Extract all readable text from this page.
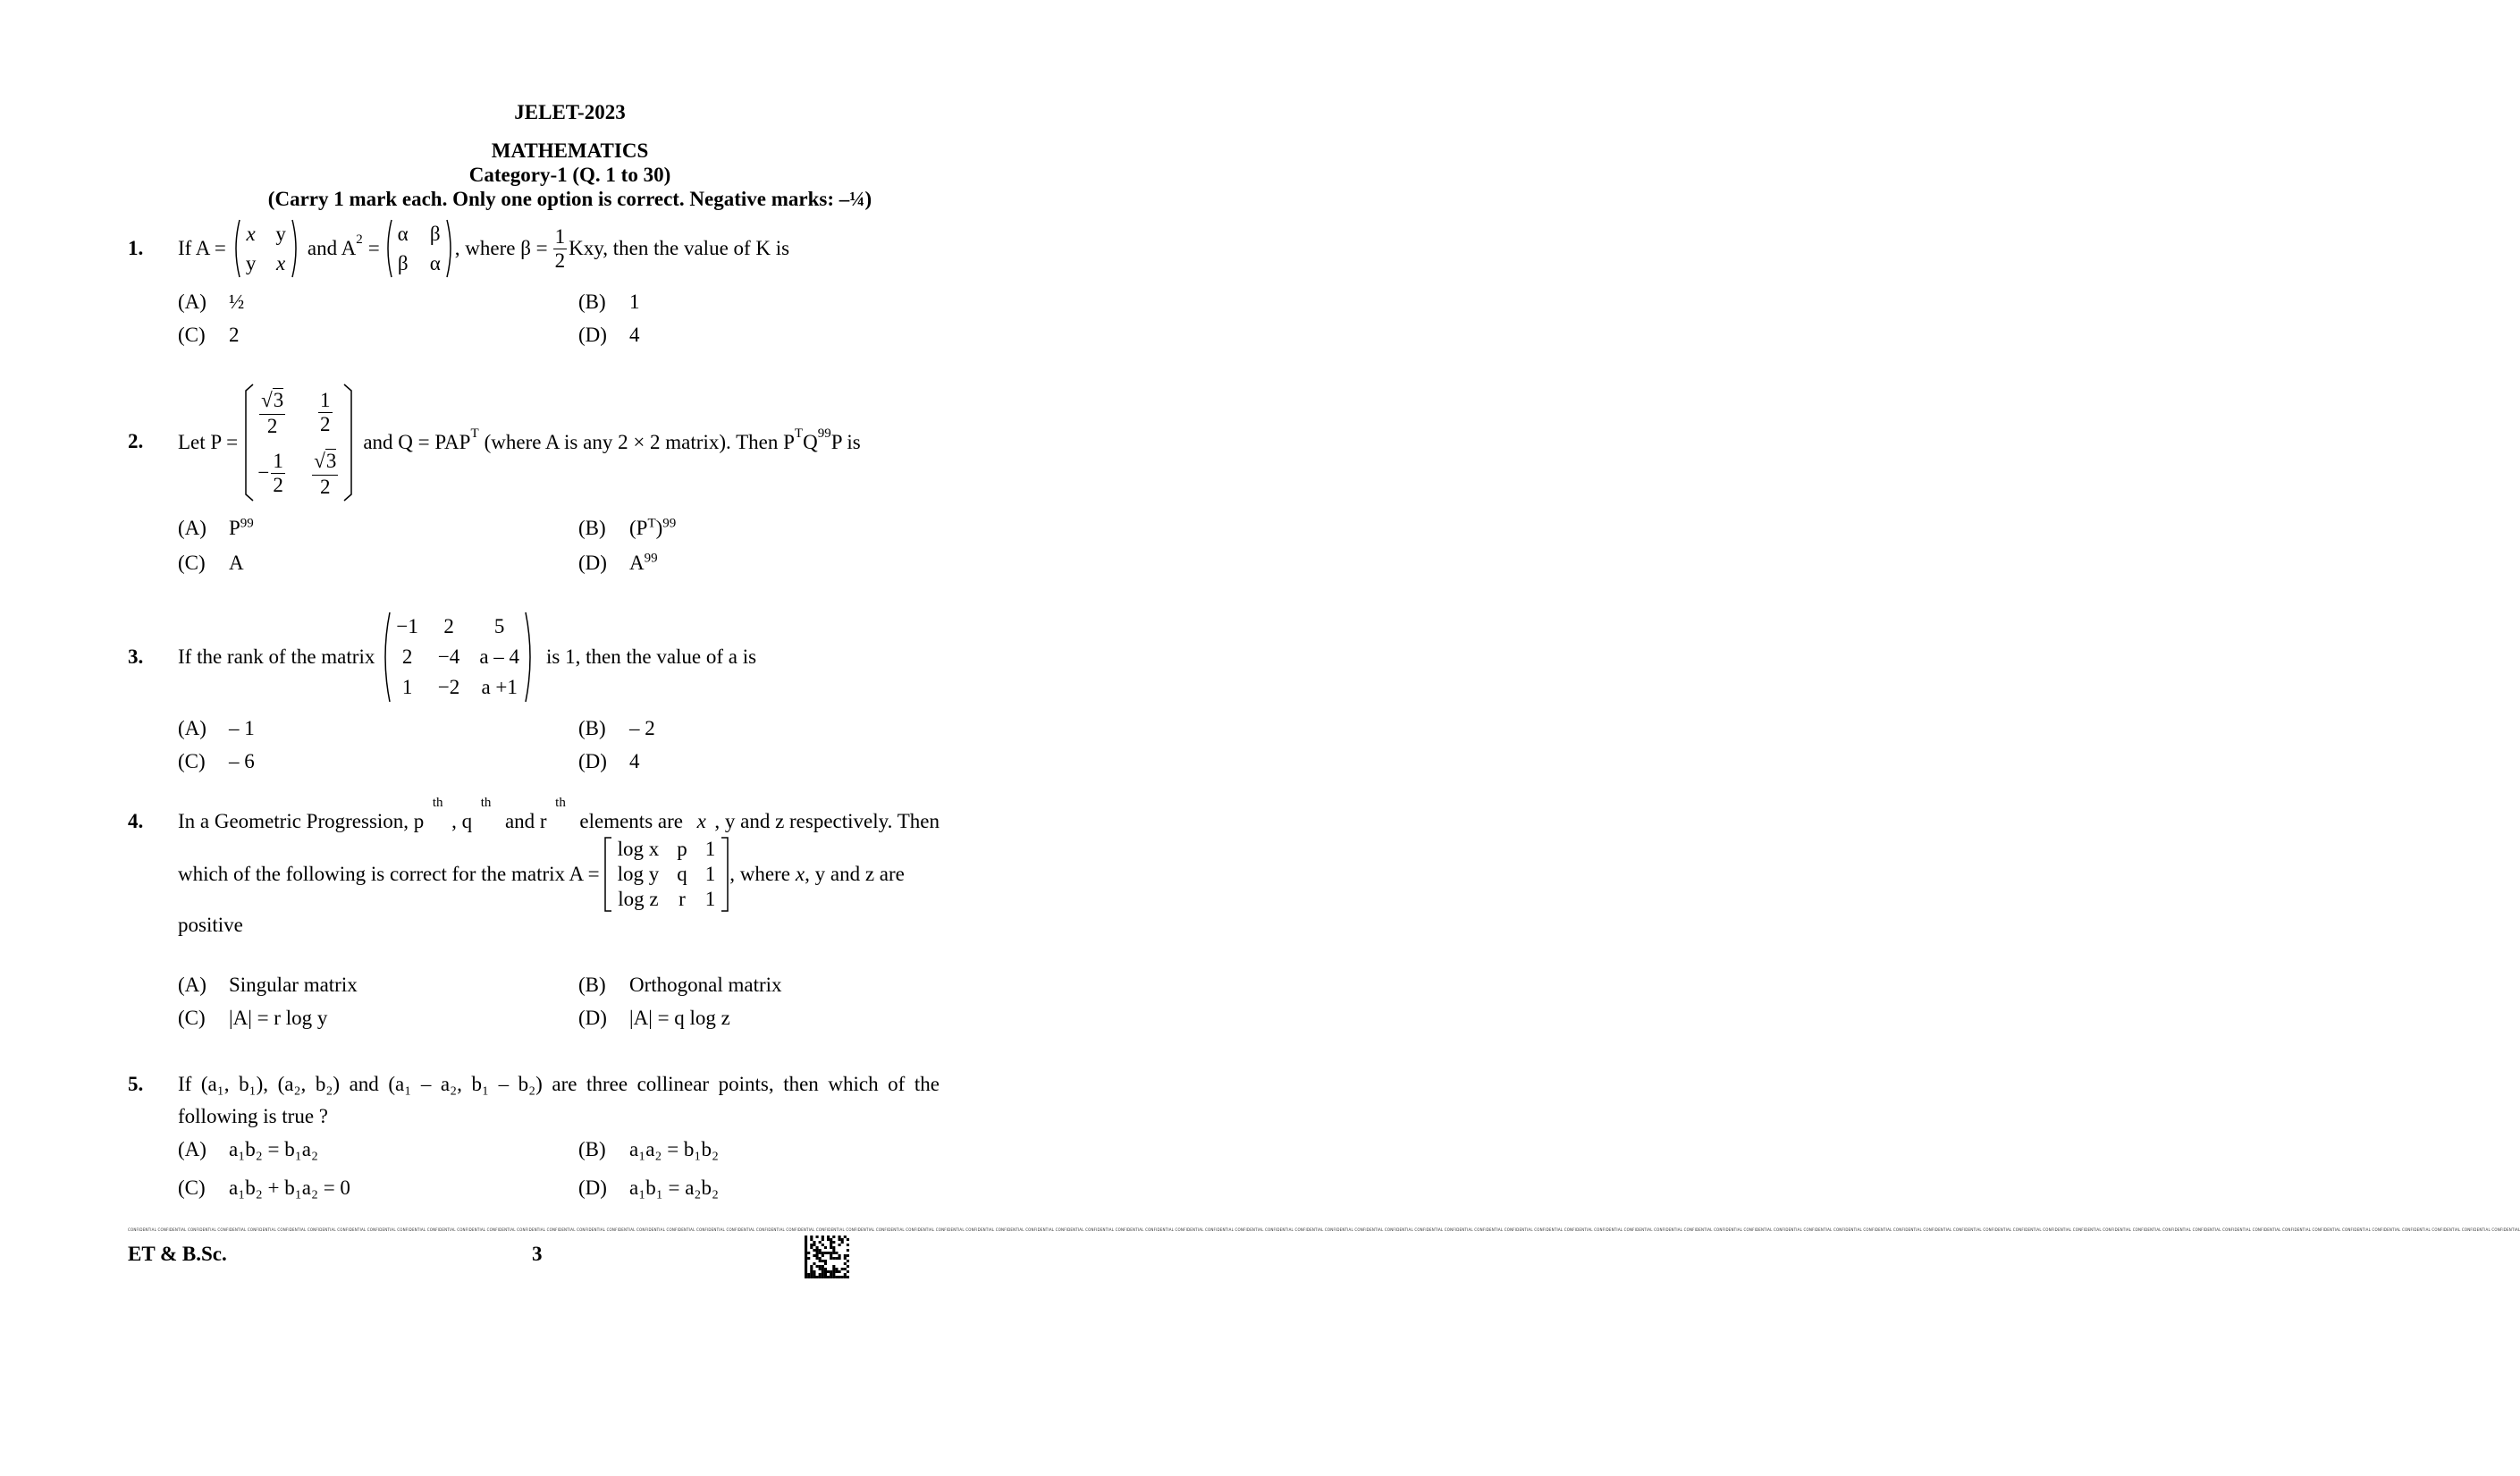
JELET-2023
MATHEMATICS
Category-1 (Q. 1 to 30)
(Carry 1 mark each. Only one option is correct. Negative marks: –¼)
1. If A =
x y
y x
and $A^2$ =
α β
β α
, where $\beta = \frac{1}{2}$ Kxy, then the value of K is
(A) ½	(B) 1
(C) 2	(D) 4
2. Let P =
$\frac{√3}{2} \frac{1}{2}$
− $\frac{1}{2} \frac{√3}{2}$
and $Q = PAP^T$ (where A is any 2 × 2 matrix). Then $P^T$ $Q^{99}$ P is
(A) $P^{99}$	(B) $(P^T)^{99}$
(C) A	(D) $A^{99}$
3. If the rank of the matrix
−1 2 5
2 −4 a – 4
1 −2 a +1
is 1, then the value of a is
(A) – 1	(B) – 2
(C) – 6	(D) 4
4. In a Geometric Progression, p
$^{th}$
, q
$^{th}$
and r
$^{th}$
elements are x , y and z respectively. Then
which of the following is correct for the matrix A =
log x p 1
log y q 1
log z r 1
, where x , y and z are
positive
(A) Singular matrix	(B) Orthogonal matrix
(C) |A| = r log y	(D) |A| = q log z
5. If (a₁, b₁), (a₂, b₂) and (a₁ – a₂, b₁ – b₂) are three collinear points, then which of the
following is true ?
(A) a₁b₂ = b₁a₂	(B) a₁a₂ = b₁b₂
(C) a₁b₂ + b₁a₂ = 0	(D) a₁b₁ = a₂b₂
CONFIDENTIAL CONFIDENTIAL CONFIDENTIAL CONFIDENTIAL CONFIDENTIAL CONFIDENTIAL CONFIDENTIAL CONFIDENTIAL CONFIDENTIAL CONFIDENTIAL CONFIDENTIAL CONFIDENTIAL CONFIDENTIAL CONFIDENTIAL CONFIDENTIAL CONFIDENTIAL CONFIDENTIAL CONFIDENTIAL CONFIDENTIAL CONFIDENTIAL CONFIDENTIAL CONFIDENTIAL CONFIDENTIAL CONFIDENTIAL CONFIDENTIAL CONFIDENTIAL CONFIDENTIAL CONFIDENTIAL CONFIDENTIAL CONFIDENTIAL CONFIDENTIAL CONFIDENTIAL CONFIDENTIAL CONFIDENTIAL CONFIDENTIAL CONFIDENTIAL CONFIDENTIAL CONFIDENTIAL CONFIDENTIAL CONFIDENTIAL CONFIDENTIAL CONFIDENTIAL CONFIDENTIAL CONFIDENTIAL CONFIDENTIAL CONFIDENTIAL CONFIDENTIAL CONFIDENTIAL CONFIDENTIAL CONFIDENTIAL CONFIDENTIAL CONFIDENTIAL CONFIDENTIAL CONFIDENTIAL CONFIDENTIAL CONFIDENTIAL CONFIDENTIAL CONFIDENTIAL CONFIDENTIAL CONFIDENTIAL CONFIDENTIAL CONFIDENTIAL CONFIDENTIAL CONFIDENTIAL CONFIDENTIAL CONFIDENTIAL CONFIDENTIAL CONFIDENTIAL CONFIDENTIAL CONFIDENTIAL CONFIDENTIAL CONFIDENTIAL CONFIDENTIAL CONFIDENTIAL CONFIDENTIAL CONFIDENTIAL CONFIDENTIAL CONFIDENTIAL CONFIDENTIAL CONFIDENTIAL
ET & B.Sc.	3
